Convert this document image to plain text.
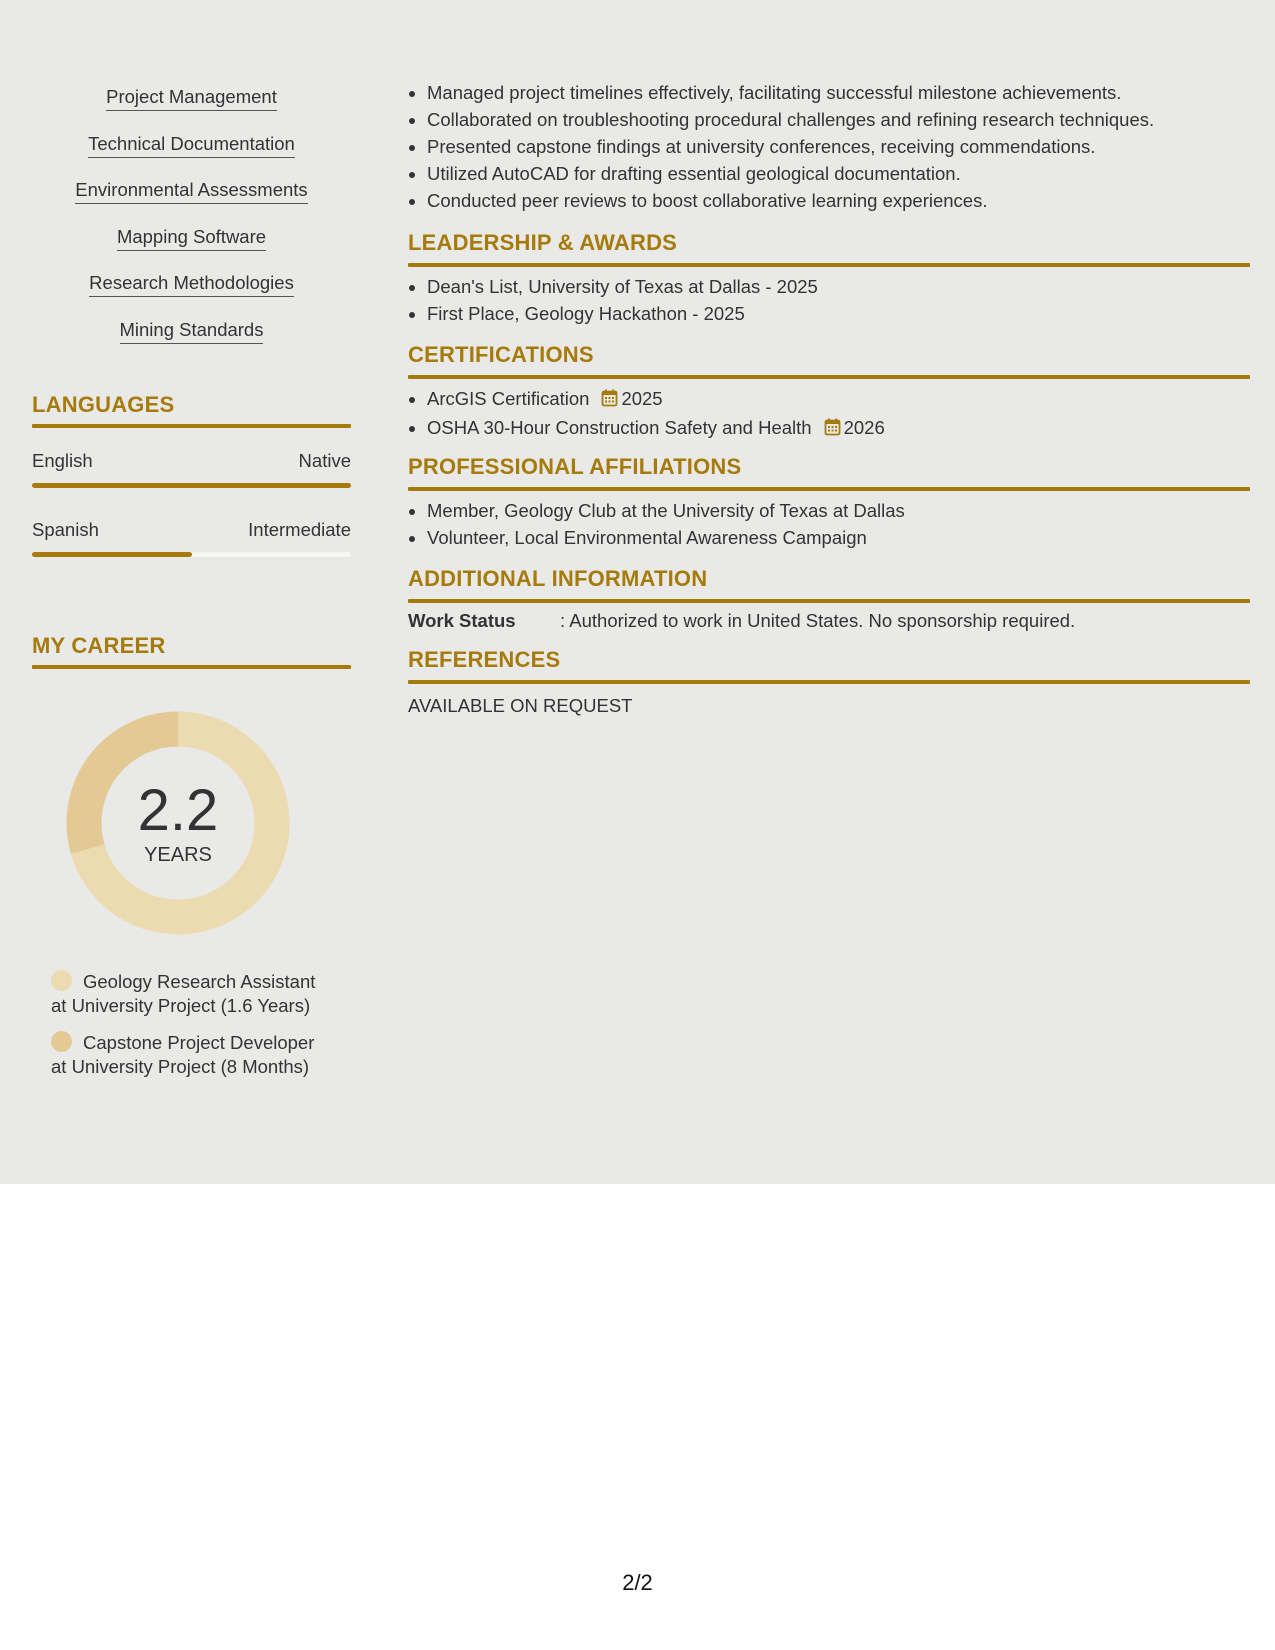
Project Management
Technical Documentation
Environmental Assessments
Mapping Software
Research Methodologies
Mining Standards
LANGUAGES
English	Native
Spanish	Intermediate
MY CAREER
2.2
YEARS
Geology Research Assistant
at University Project (1.6 Years)
Capstone Project Developer
at University Project (8 Months)
• Managed project timelines effectively, facilitating successful milestone achievements.
• Collaborated on troubleshooting procedural challenges and refining research techniques.
• Presented capstone findings at university conferences, receiving commendations.
• Utilized AutoCAD for drafting essential geological documentation.
• Conducted peer reviews to boost collaborative learning experiences.
LEADERSHIP & AWARDS
• Dean's List, University of Texas at Dallas - 2025
• First Place, Geology Hackathon - 2025
CERTIFICATIONS
• ArcGIS Certification 2025
• OSHA 30-Hour Construction Safety and Health 2026
PROFESSIONAL AFFILIATIONS
• Member, Geology Club at the University of Texas at Dallas
• Volunteer, Local Environmental Awareness Campaign
ADDITIONAL INFORMATION
Work Status : Authorized to work in United States. No sponsorship required.
REFERENCES
AVAILABLE ON REQUEST
2/2
